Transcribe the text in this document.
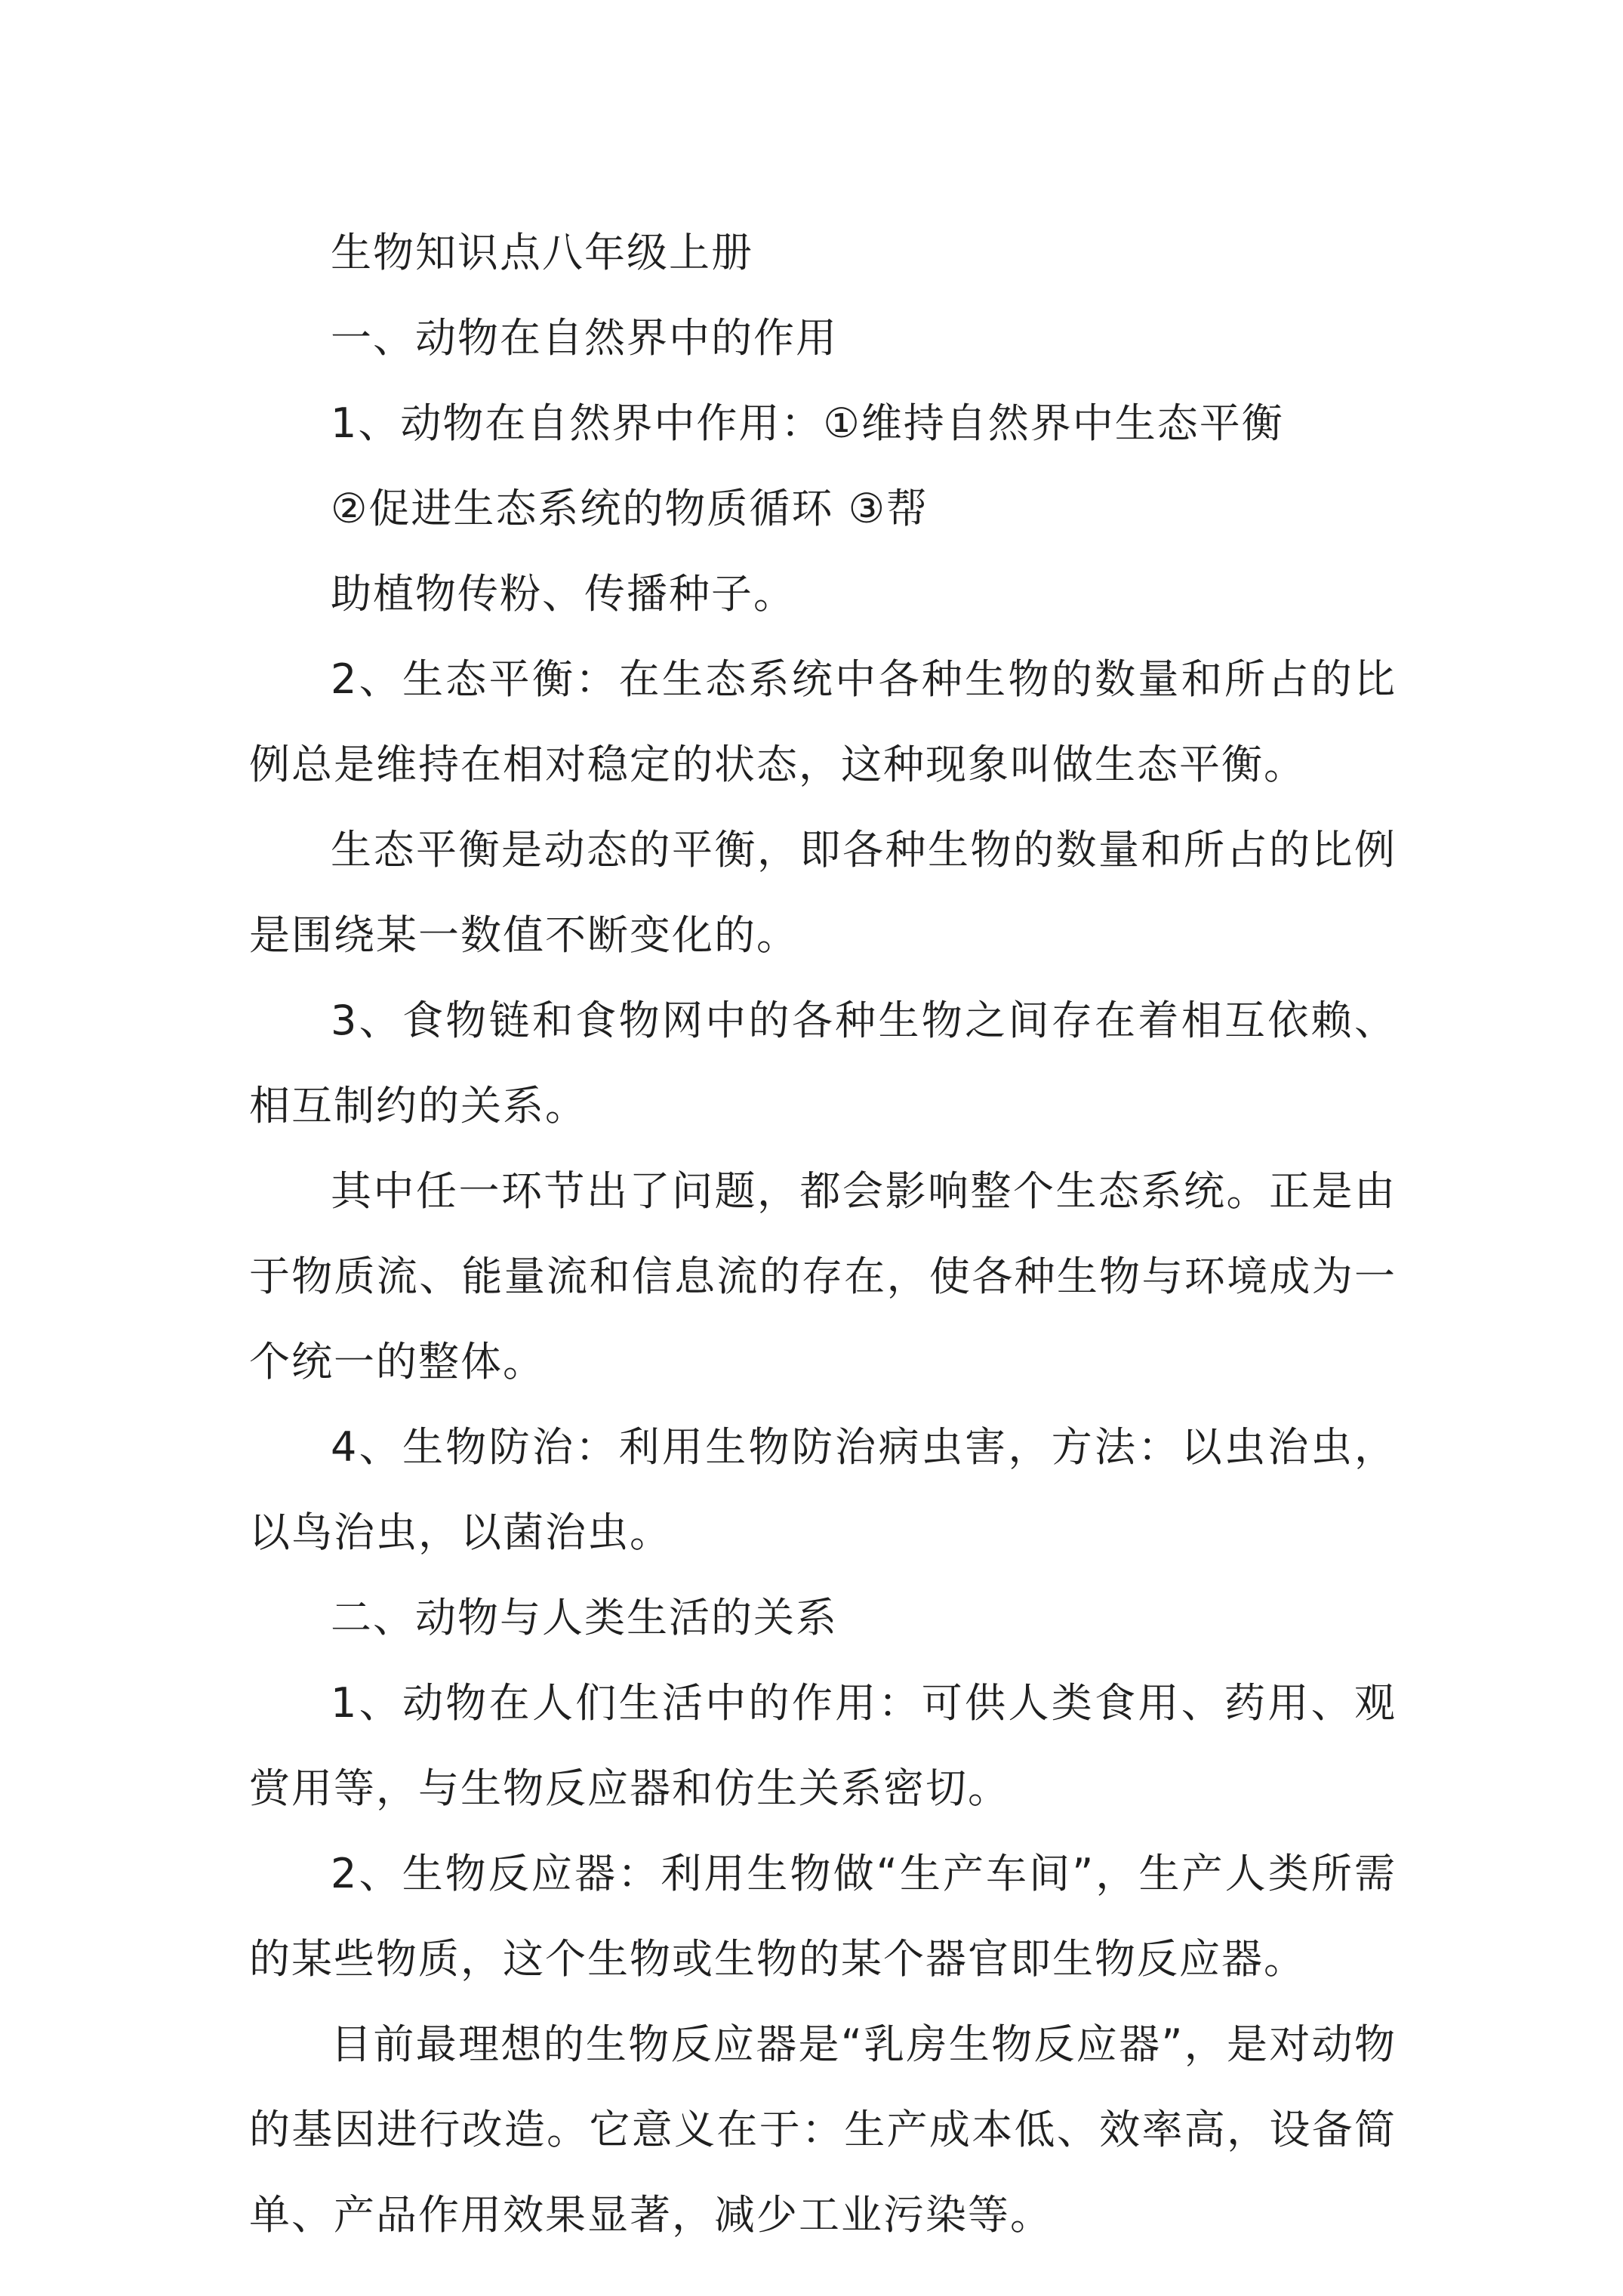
生物知识点八年级上册

一、动物在自然界中的作用

1、动物在自然界中作用：①维持自然界中生态平衡

②促进生态系统的物质循环 ③帮

助植物传粉、传播种子。

2、生态平衡：在生态系统中各种生物的数量和所占的比例总是维持在相对稳定的状态，这种现象叫做生态平衡。

生态平衡是动态的平衡，即各种生物的数量和所占的比例是围绕某一数值不断变化的。

3、食物链和食物网中的各种生物之间存在着相互依赖、相互制约的关系。

其中任一环节出了问题，都会影响整个生态系统。正是由于物质流、能量流和信息流的存在，使各种生物与环境成为一个统一的整体。

4、生物防治：利用生物防治病虫害，方法：以虫治虫，以鸟治虫，以菌治虫。

二、动物与人类生活的关系

1、动物在人们生活中的作用：可供人类食用、药用、观赏用等，与生物反应器和仿生关系密切。

2、生物反应器：利用生物做“生产车间”，生产人类所需的某些物质，这个生物或生物的某个器官即生物反应器。

目前最理想的生物反应器是“乳房生物反应器”，是对动物的基因进行改造。它意义在于：生产成本低、效率高，设备简单、产品作用效果显著，减少工业污染等。
